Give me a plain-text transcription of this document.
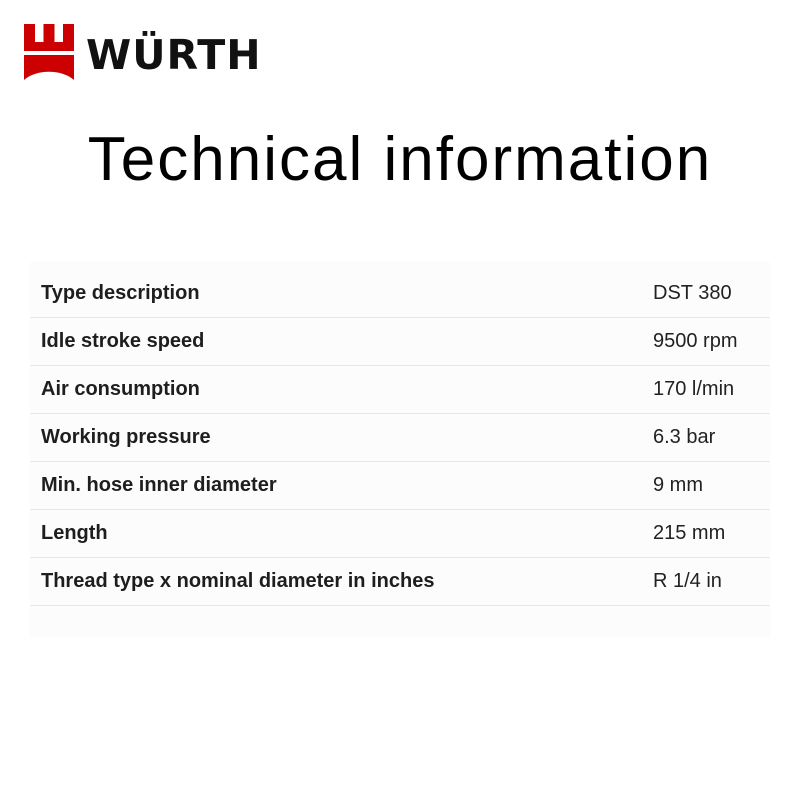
WÜRTH
Technical information
Type description	DST 380
Idle stroke speed	9500 rpm
Air consumption	170 l/min
Working pressure	6.3 bar
Min. hose inner diameter	9 mm
Length	215 mm
Thread type x nominal diameter in inches	R 1/4 in
